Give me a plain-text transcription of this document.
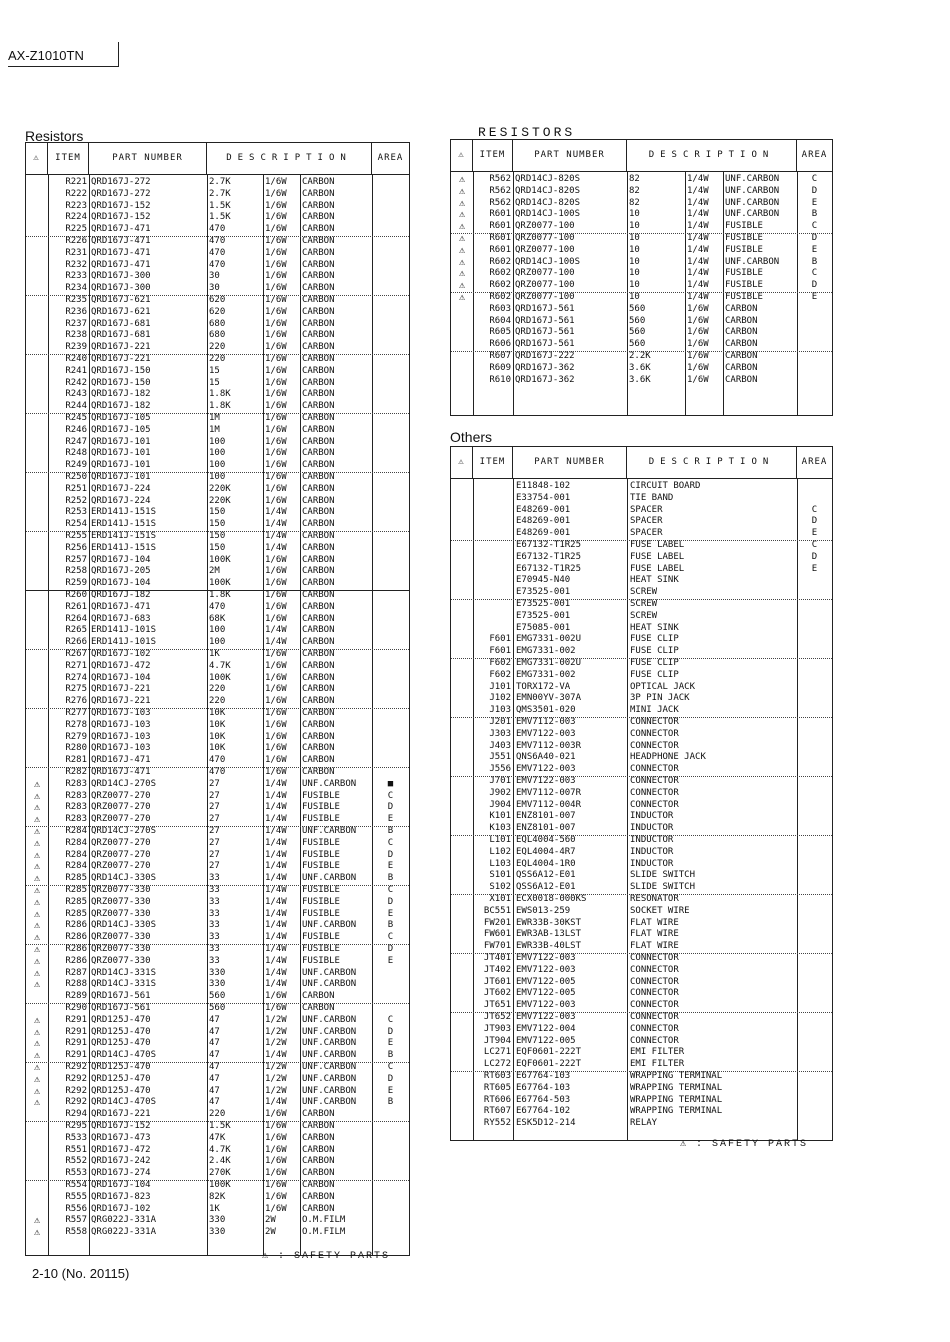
AX-Z1010TN
Resistors
⚠	ITEM	PART NUMBER	DESCRIPTION	AREA
R221 QRD167J-272	2.7K	1/6W	CARBON
R222 QRD167J-272	2.7K	1/6W	CARBON
R223 QRD167J-152	1.5K	1/6W	CARBON
R224 QRD167J-152	1.5K	1/6W	CARBON
R225 QRD167J-471	470	1/6W	CARBON
R226 QRD167J-471	470	1/6W	CARBON
R231 QRD167J-471	470	1/6W	CARBON
R232 QRD167J-471	470	1/6W	CARBON
R233 QRD167J-300	30	1/6W	CARBON
R234 QRD167J-300	30	1/6W	CARBON
R235 QRD167J-621	620	1/6W	CARBON
R236 QRD167J-621	620	1/6W	CARBON
R237 QRD167J-681	680	1/6W	CARBON
R238 QRD167J-681	680	1/6W	CARBON
R239 QRD167J-221	220	1/6W	CARBON
R240 QRD167J-221	220	1/6W	CARBON
R241 QRD167J-150	15	1/6W	CARBON
R242 QRD167J-150	15	1/6W	CARBON
R243 QRD167J-182	1.8K	1/6W	CARBON
R244 QRD167J-182	1.8K	1/6W	CARBON
R245 QRD167J-105	1M	1/6W	CARBON
R246 QRD167J-105	1M	1/6W	CARBON
R247 QRD167J-101	100	1/6W	CARBON
R248 QRD167J-101	100	1/6W	CARBON
R249 QRD167J-101	100	1/6W	CARBON
R250 QRD167J-101	100	1/6W	CARBON
R251 QRD167J-224	220K	1/6W	CARBON
R252 QRD167J-224	220K	1/6W	CARBON
R253 ERD141J-151S	150	1/4W	CARBON
R254 ERD141J-151S	150	1/4W	CARBON
R255 ERD141J-151S	150	1/4W	CARBON
R256 ERD141J-151S	150	1/4W	CARBON
R257 QRD167J-104	100K	1/6W	CARBON
R258 QRD167J-205	2M	1/6W	CARBON
R259 QRD167J-104	100K	1/6W	CARBON
R260 QRD167J-182	1.8K	1/6W	CARBON
R261 QRD167J-471	470	1/6W	CARBON
R264 QRD167J-683	68K	1/6W	CARBON
R265 ERD141J-101S	100	1/4W	CARBON
R266 ERD141J-101S	100	1/4W	CARBON
R267 QRD167J-102	1K	1/6W	CARBON
R271 QRD167J-472	4.7K	1/6W	CARBON
R274 QRD167J-104	100K	1/6W	CARBON
R275 QRD167J-221	220	1/6W	CARBON
R276 QRD167J-221	220	1/6W	CARBON
R277 QRD167J-103	10K	1/6W	CARBON
R278 QRD167J-103	10K	1/6W	CARBON
R279 QRD167J-103	10K	1/6W	CARBON
R280 QRD167J-103	10K	1/6W	CARBON
R281 QRD167J-471	470	1/6W	CARBON
R282 QRD167J-471	470	1/6W	CARBON
⚠	R283 QRD14CJ-270S	27	1/4W	UNF.CARBON	■
⚠	R283 QRZ0077-270	27	1/4W	FUSIBLE	C
⚠	R283 QRZ0077-270	27	1/4W	FUSIBLE	D
⚠	R283 QRZ0077-270	27	1/4W	FUSIBLE	E
⚠	R284 QRD14CJ-270S	27	1/4W	UNF.CARBON	B
⚠	R284 QRZ0077-270	27	1/4W	FUSIBLE	C
⚠	R284 QRZ0077-270	27	1/4W	FUSIBLE	D
⚠	R284 QRZ0077-270	27	1/4W	FUSIBLE	E
⚠	R285 QRD14CJ-330S	33	1/4W	UNF.CARBON	B
⚠	R285 QRZ0077-330	33	1/4W	FUSIBLE	C
⚠	R285 QRZ0077-330	33	1/4W	FUSIBLE	D
⚠	R285 QRZ0077-330	33	1/4W	FUSIBLE	E
⚠	R286 QRD14CJ-330S	33	1/4W	UNF.CARBON	B
⚠	R286 QRZ0077-330	33	1/4W	FUSIBLE	C
⚠	R286 QRZ0077-330	33	1/4W	FUSIBLE	D
⚠	R286 QRZ0077-330	33	1/4W	FUSIBLE	E
⚠	R287 QRD14CJ-331S	330	1/4W	UNF.CARBON
⚠	R288 QRD14CJ-331S	330	1/4W	UNF.CARBON
R289 QRD167J-561	560	1/6W	CARBON
R290 QRD167J-561	560	1/6W	CARBON
⚠	R291 QRD125J-470	47	1/2W	UNF.CARBON	C
⚠	R291 QRD125J-470	47	1/2W	UNF.CARBON	D
⚠	R291 QRD125J-470	47	1/2W	UNF.CARBON	E
⚠	R291 QRD14CJ-470S	47	1/4W	UNF.CARBON	B
⚠	R292 QRD125J-470	47	1/2W	UNF.CARBON	C
⚠	R292 QRD125J-470	47	1/2W	UNF.CARBON	D
⚠	R292 QRD125J-470	47	1/2W	UNF.CARBON	E
⚠	R292 QRD14CJ-470S	47	1/4W	UNF.CARBON	B
R294 QRD167J-221	220	1/6W	CARBON
R295 QRD167J-152	1.5K	1/6W	CARBON
R533 QRD167J-473	47K	1/6W	CARBON
R551 QRD167J-472	4.7K	1/6W	CARBON
R552 QRD167J-242	2.4K	1/6W	CARBON
R553 QRD167J-274	270K	1/6W	CARBON
R554 QRD167J-104	100K	1/6W	CARBON
R555 QRD167J-823	82K	1/6W	CARBON
R556 QRD167J-102	1K	1/6W	CARBON
⚠	R557 QRG022J-331A	330	2W	O.M.FILM
⚠	R558 QRG022J-331A	330	2W	O.M.FILM
⚠ : SAFETY PARTS
RESISTORS
⚠	ITEM	PART NUMBER	DESCRIPTION	AREA
⚠	R562 QRD14CJ-820S	82	1/4W	UNF.CARBON	C
⚠	R562 QRD14CJ-820S	82	1/4W	UNF.CARBON	D
⚠	R562 QRD14CJ-820S	82	1/4W	UNF.CARBON	E
⚠	R601 QRD14CJ-100S	10	1/4W	UNF.CARBON	B
⚠	R601 QRZ0077-100	10	1/4W	FUSIBLE	C
⚠	R601 QRZ0077-100	10	1/4W	FUSIBLE	D
⚠	R601 QRZ0077-100	10	1/4W	FUSIBLE	E
⚠	R602 QRD14CJ-100S	10	1/4W	UNF.CARBON	B
⚠	R602 QRZ0077-100	10	1/4W	FUSIBLE	C
⚠	R602 QRZ0077-100	10	1/4W	FUSIBLE	D
⚠	R602 QRZ0077-100	10	1/4W	FUSIBLE	E
R603 QRD167J-561	560	1/6W	CARBON
R604 QRD167J-561	560	1/6W	CARBON
R605 QRD167J-561	560	1/6W	CARBON
R606 QRD167J-561	560	1/6W	CARBON
R607 QRD167J-222	2.2K	1/6W	CARBON
R609 QRD167J-362	3.6K	1/6W	CARBON
R610 QRD167J-362	3.6K	1/6W	CARBON
Others
⚠	ITEM	PART NUMBER	DESCRIPTION	AREA
E11848-102	CIRCUIT BOARD
E33754-001	TIE BAND
E48269-001	SPACER	C
E48269-001	SPACER	D
E48269-001	SPACER	E
E67132-T1R25	FUSE LABEL	C
E67132-T1R25	FUSE LABEL	D
E67132-T1R25	FUSE LABEL	E
E70945-N40	HEAT SINK
E73525-001	SCREW
E73525-001	SCREW
E73525-001	SCREW
E75085-001	HEAT SINK
F601 EMG7331-002U	FUSE CLIP
F601 EMG7331-002	FUSE CLIP
F602 EMG7331-002U	FUSE CLIP
F602 EMG7331-002	FUSE CLIP
J101 TORX172-VA	OPTICAL JACK
J102 EMN00YV-307A	3P PIN JACK
J103 QMS3501-020	MINI JACK
J201 EMV7112-003	CONNECTOR
J303 EMV7122-003	CONNECTOR
J403 EMV7112-003R	CONNECTOR
J551 QNS6A40-021	HEADPHONE JACK
J556 EMV7122-003	CONNECTOR
J701 EMV7122-003	CONNECTOR
J902 EMV7112-007R	CONNECTOR
J904 EMV7112-004R	CONNECTOR
K101 ENZ8101-007	INDUCTOR
K103 ENZ8101-007	INDUCTOR
L101 EQL4004-560	INDUCTOR
L102 EQL4004-4R7	INDUCTOR
L103 EQL4004-1R0	INDUCTOR
S101 QSS6A12-E01	SLIDE SWITCH
S102 QSS6A12-E01	SLIDE SWITCH
X101 ECX0018-000KS	RESONATOR
BC551 EWS013-259	SOCKET WIRE
FW201 EWR33B-30KST	FLAT WIRE
FW601 EWR3AB-13LST	FLAT WIRE
FW701 EWR33B-40LST	FLAT WIRE
JT401 EMV7122-003	CONNECTOR
JT402 EMV7122-003	CONNECTOR
JT601 EMV7122-005	CONNECTOR
JT602 EMV7122-005	CONNECTOR
JT651 EMV7122-003	CONNECTOR
JT652 EMV7122-003	CONNECTOR
JT903 EMV7122-004	CONNECTOR
JT904 EMV7122-005	CONNECTOR
LC271 EQF0601-222T	EMI FILTER
LC272 EQF0601-222T	EMI FILTER
RT603 E67764-103	WRAPPING TERMINAL
RT605 E67764-103	WRAPPING TERMINAL
RT606 E67764-503	WRAPPING TERMINAL
RT607 E67764-102	WRAPPING TERMINAL
RY552 ESK5D12-214	RELAY
⚠ : SAFETY PARTS
2-10 (No. 20115)
